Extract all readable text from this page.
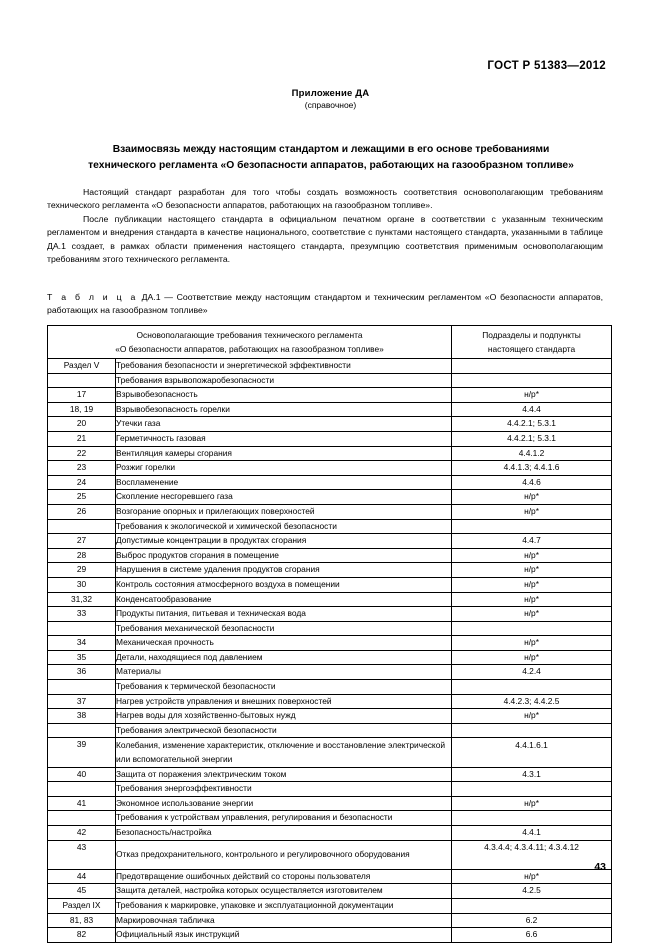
ГОСТ Р 51383—2012
Приложение ДА
(справочное)
Взаимосвязь между настоящим стандартом и лежащими в его основе требованиями
технического регламента «О безопасности аппаратов, работающих на газообразном топливе»

Настоящий стандарт разработан для того чтобы создать возможность соответствия основополагающим требованиям технического регламента «О безопасности аппаратов, работающих на газообразном топливе».

После публикации настоящего стандарта в официальном печатном органе в соответствии с указанным техническим регламентом и внедрения стандарта в качестве национального, соответствие с пунктами настоящего стандарта, указанными в таблице ДА.1 создает, в рамках области применения настоящего стандарта, презумпцию соответствия применимым основополагающим требованиям этого технического регламента.

Т а б л и ц а ДА.1 — Соответствие между настоящим стандартом и техническим регламентом «О безопасности аппаратов, работающих на газообразном топливе»
Основополагающие требования технического регламента
«О безопасности аппаратов, работающих на газообразном топливе»

Подразделы и подпункты
настоящего стандарта

Раздел V	Требования безопасности и энергетической эффективности	
	Требования взрывопожаробезопасности	
17	Взрывобезопасность	н/р*
18, 19	Взрывобезопасность горелки	4.4.4
20	Утечки газа	4.4.2.1; 5.3.1
21	Герметичность газовая	4.4.2.1; 5.3.1
22	Вентиляция камеры сгорания	4.4.1.2
23	Розжиг горелки	4.4.1.3; 4.4.1.6
24	Воспламенение	4.4.6
25	Скопление несгоревшего газа	н/р*
26	Возгорание опорных и прилегающих поверхностей	н/р*
	Требования к экологической и химической безопасности	
27	Допустимые концентрации в продуктах сгорания	4.4.7
28	Выброс продуктов сгорания в помещение	н/р*
29	Нарушения в системе удаления продуктов сгорания	н/р*
30	Контроль состояния атмосферного воздуха в помещении	н/р*
31,32	Конденсатообразование	н/р*
33	Продукты питания, питьевая и техническая вода	н/р*
	Требования механической безопасности	
34	Механическая прочность	н/р*
35	Детали, находящиеся под давлением	н/р*
36	Материалы	4.2.4
	Требования к термической безопасности	
37	Нагрев устройств управления и внешних поверхностей	4.4.2.3; 4.4.2.5
38	Нагрев воды для хозяйственно-бытовых нужд	н/р*
	Требования электрической безопасности	
39	Колебания, изменение характеристик, отключение и восстановление электрической или вспомогательной энергии	4.4.1.6.1
40	Защита от поражения электрическим током	4.3.1
	Требования энергоэффективности	
41	Экономное использование энергии	н/р*
	Требования к устройствам управления, регулирования и безопасности	
42	Безопасность/настройка	4.4.1
43	Отказ предохранительного, контрольного и регулировочного оборудования	4.3.4.4; 4.3.4.11; 4.3.4.12
44	Предотвращение ошибочных действий со стороны пользователя	н/р*
45	Защита деталей, настройка которых осуществляется изготовителем	4.2.5
Раздел IX	Требования к маркировке, упаковке и эксплуатационной документации	
81, 83	Маркировочная табличка	6.2
82	Официальный язык инструкций	6.6
43
